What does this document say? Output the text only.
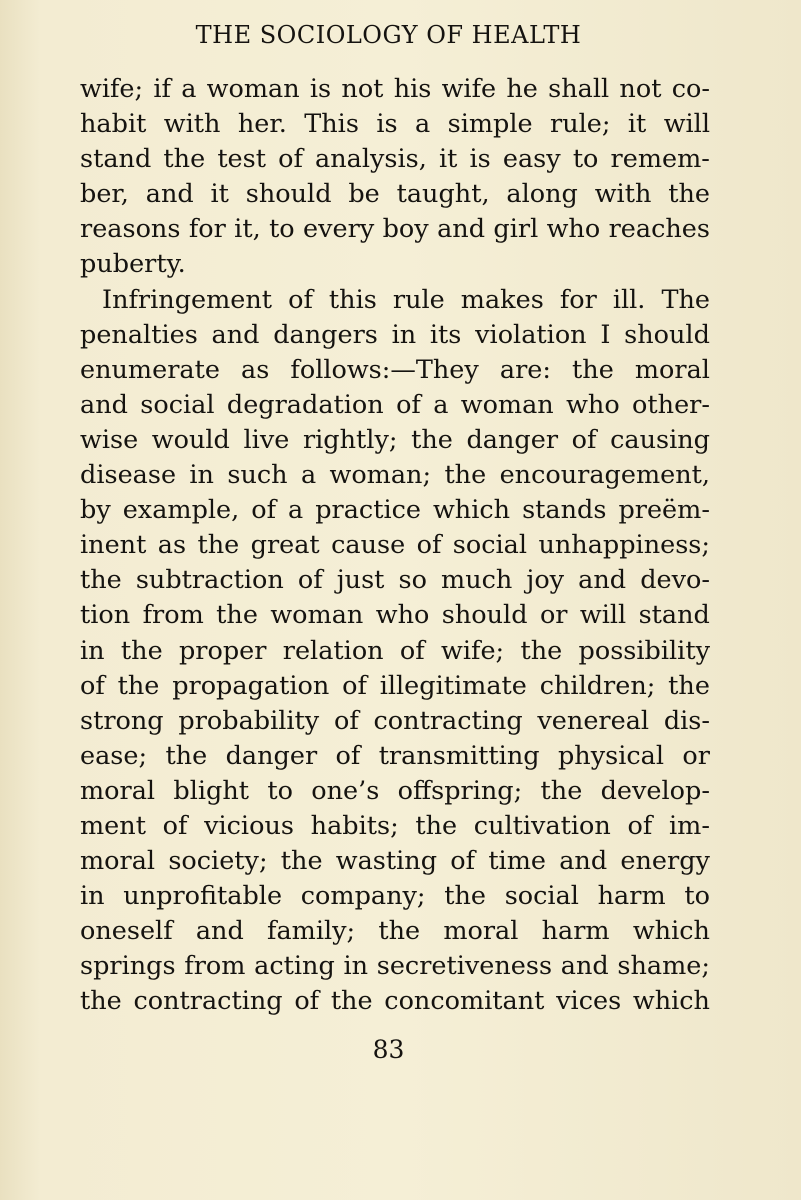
THE SOCIOLOGY OF HEALTH
wife; if a woman is not his wife he shall not co-
habit with her. This is a simple rule; it will
stand the test of analysis, it is easy to remem-
ber, and it should be taught, along with the
reasons for it, to every boy and girl who reaches
puberty.
Infringement of this rule makes for ill. The
penalties and dangers in its violation I should
enumerate as follows:—They are: the moral
and social degradation of a woman who other-
wise would live rightly; the danger of causing
disease in such a woman; the encouragement,
by example, of a practice which stands preëm-
inent as the great cause of social unhappiness;
the subtraction of just so much joy and devo-
tion from the woman who should or will stand
in the proper relation of wife; the possibility
of the propagation of illegitimate children; the
strong probability of contracting venereal dis-
ease; the danger of transmitting physical or
moral blight to one’s offspring; the develop-
ment of vicious habits; the cultivation of im-
moral society; the wasting of time and energy
in unprofitable company; the social harm to
oneself and family; the moral harm which
springs from acting in secretiveness and shame;
the contracting of the concomitant vices which
83
